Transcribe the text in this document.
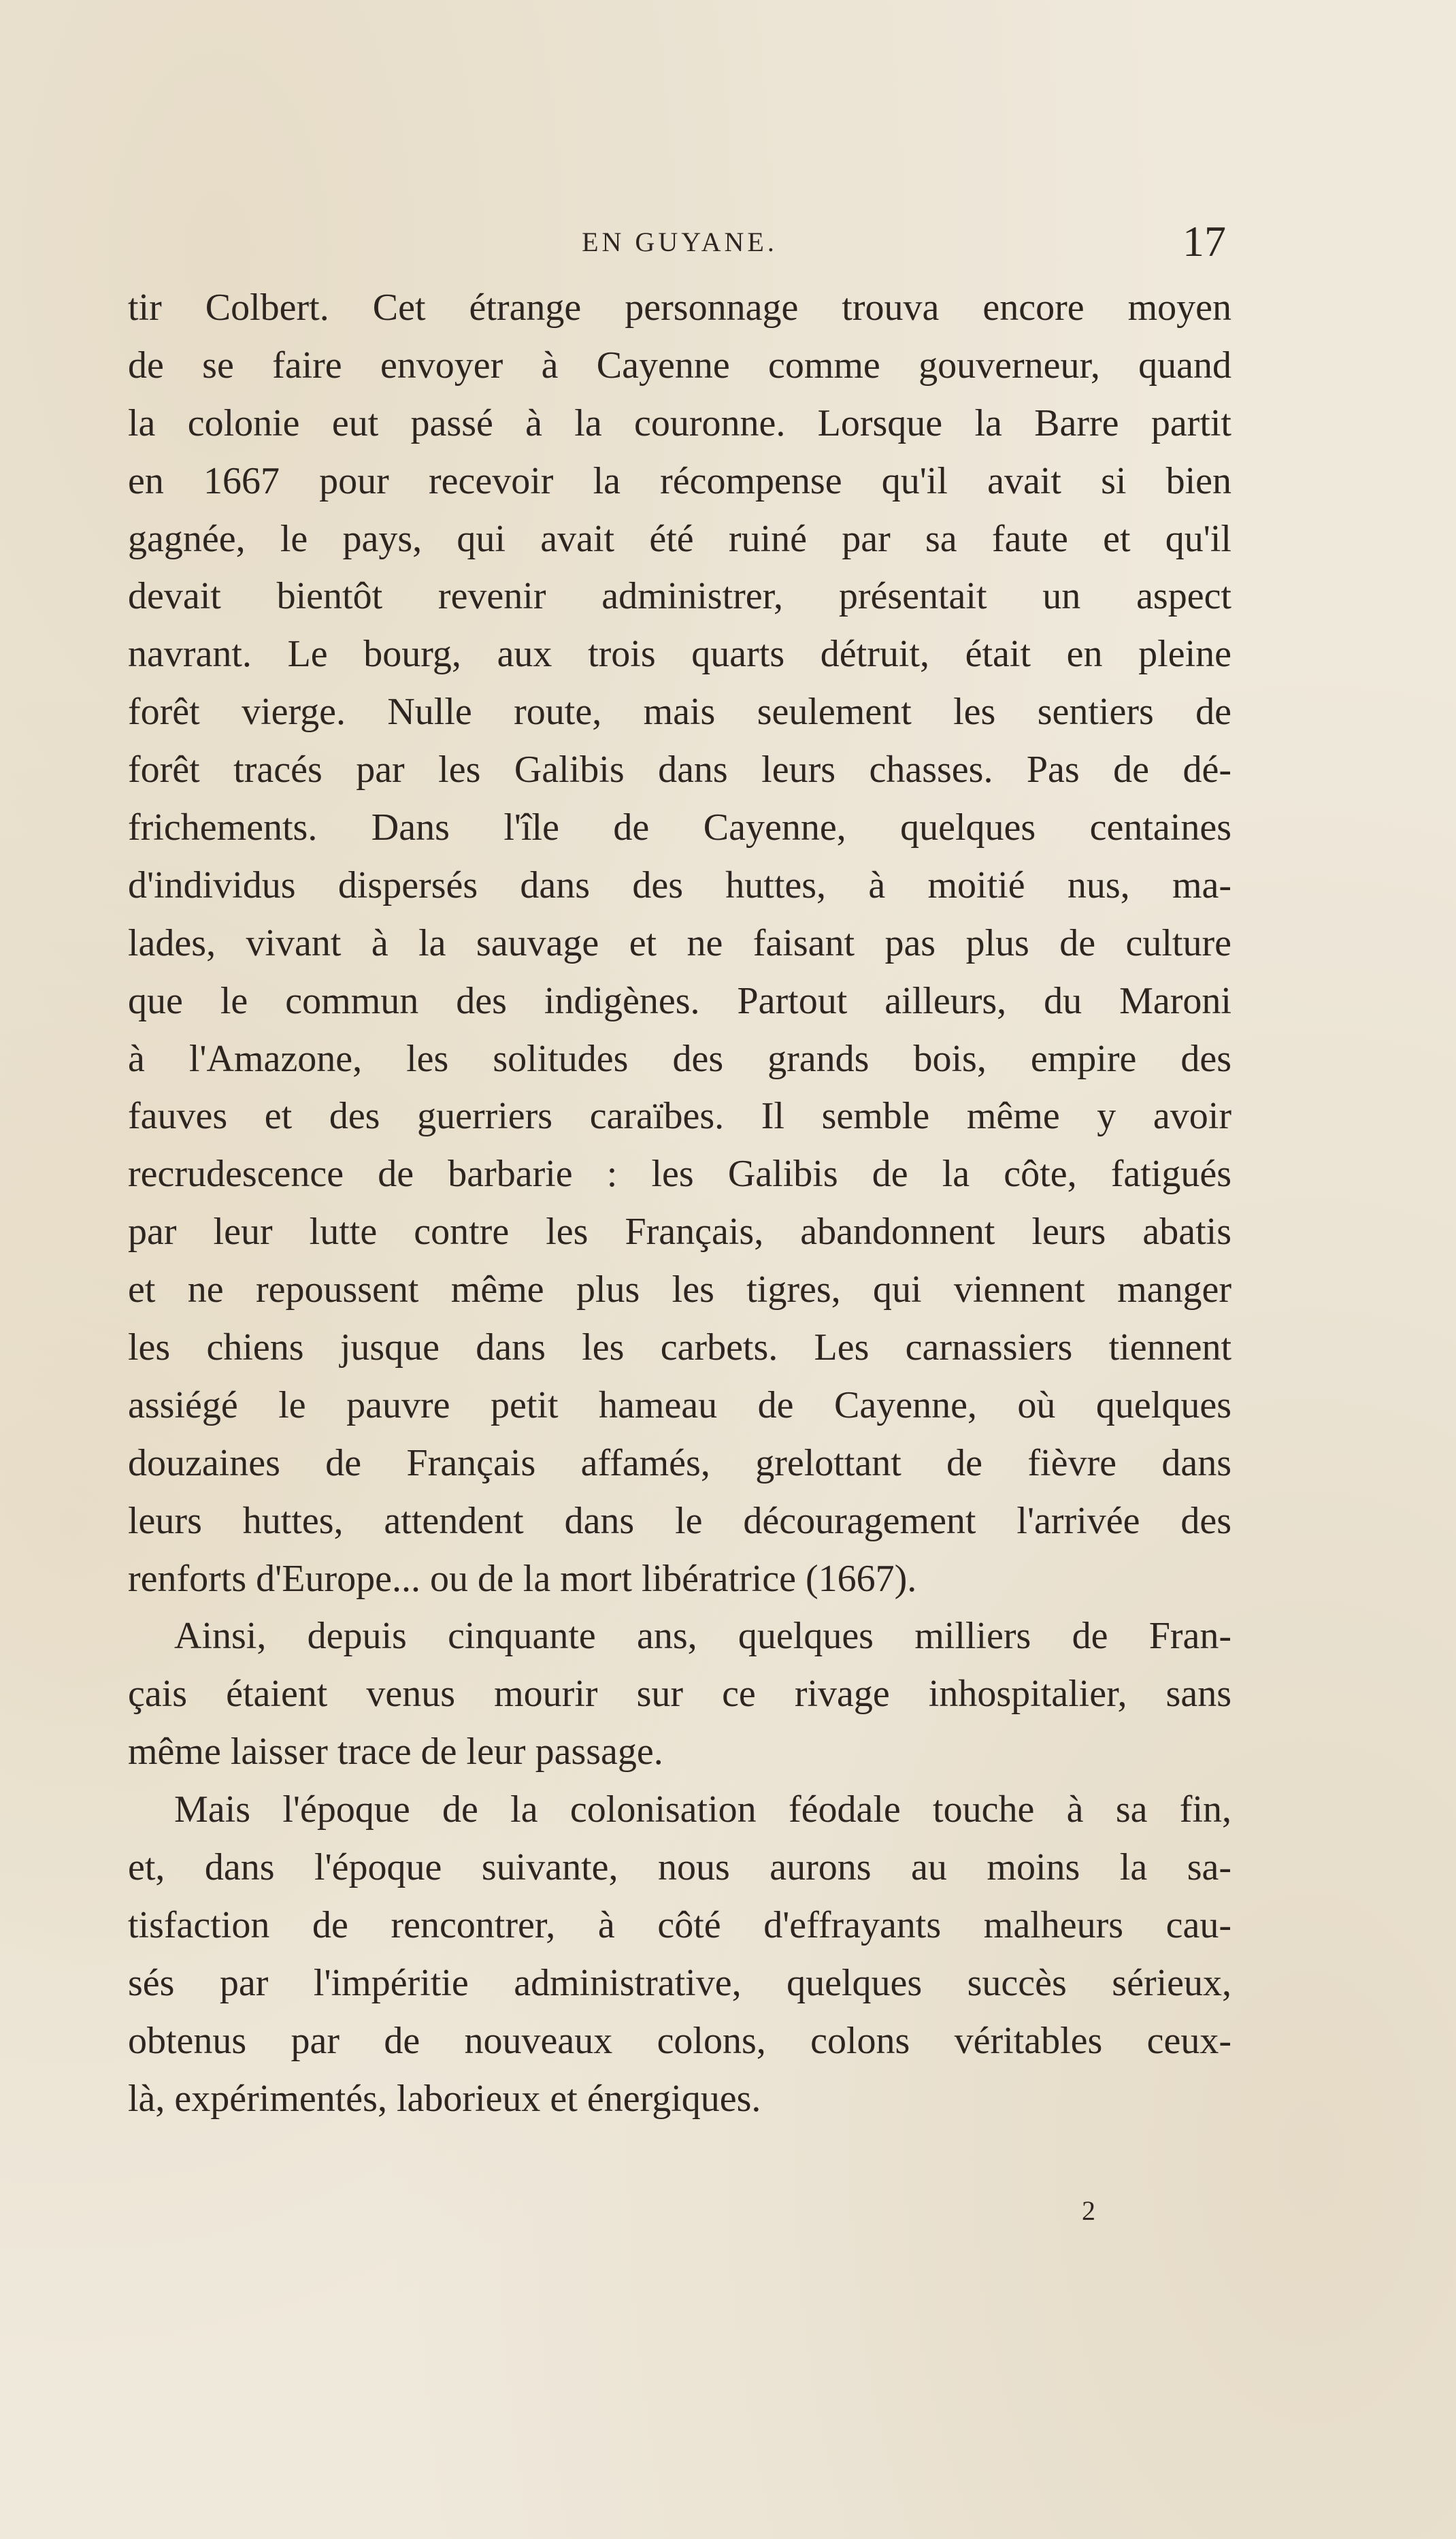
EN GUYANE.	17
tir Colbert. Cet étrange personnage trouva encore moyen
de se faire envoyer à Cayenne comme gouverneur, quand
la colonie eut passé à la couronne. Lorsque la Barre partit
en 1667 pour recevoir la récompense qu'il avait si bien
gagnée, le pays, qui avait été ruiné par sa faute et qu'il
devait bientôt revenir administrer, présentait un aspect
navrant. Le bourg, aux trois quarts détruit, était en pleine
forêt vierge. Nulle route, mais seulement les sentiers de
forêt tracés par les Galibis dans leurs chasses. Pas de dé-
frichements. Dans l'île de Cayenne, quelques centaines
d'individus dispersés dans des huttes, à moitié nus, ma-
lades, vivant à la sauvage et ne faisant pas plus de culture
que le commun des indigènes. Partout ailleurs, du Maroni
à l'Amazone, les solitudes des grands bois, empire des
fauves et des guerriers caraïbes. Il semble même y avoir
recrudescence de barbarie : les Galibis de la côte, fatigués
par leur lutte contre les Français, abandonnent leurs abatis
et ne repoussent même plus les tigres, qui viennent manger
les chiens jusque dans les carbets. Les carnassiers tiennent
assiégé le pauvre petit hameau de Cayenne, où quelques
douzaines de Français affamés, grelottant de fièvre dans
leurs huttes, attendent dans le découragement l'arrivée des
renforts d'Europe... ou de la mort libératrice (1667).
Ainsi, depuis cinquante ans, quelques milliers de Fran-
çais étaient venus mourir sur ce rivage inhospitalier, sans
même laisser trace de leur passage.
Mais l'époque de la colonisation féodale touche à sa fin,
et, dans l'époque suivante, nous aurons au moins la sa-
tisfaction de rencontrer, à côté d'effrayants malheurs cau-
sés par l'impéritie administrative, quelques succès sérieux,
obtenus par de nouveaux colons, colons véritables ceux-
là, expérimentés, laborieux et énergiques.
2
